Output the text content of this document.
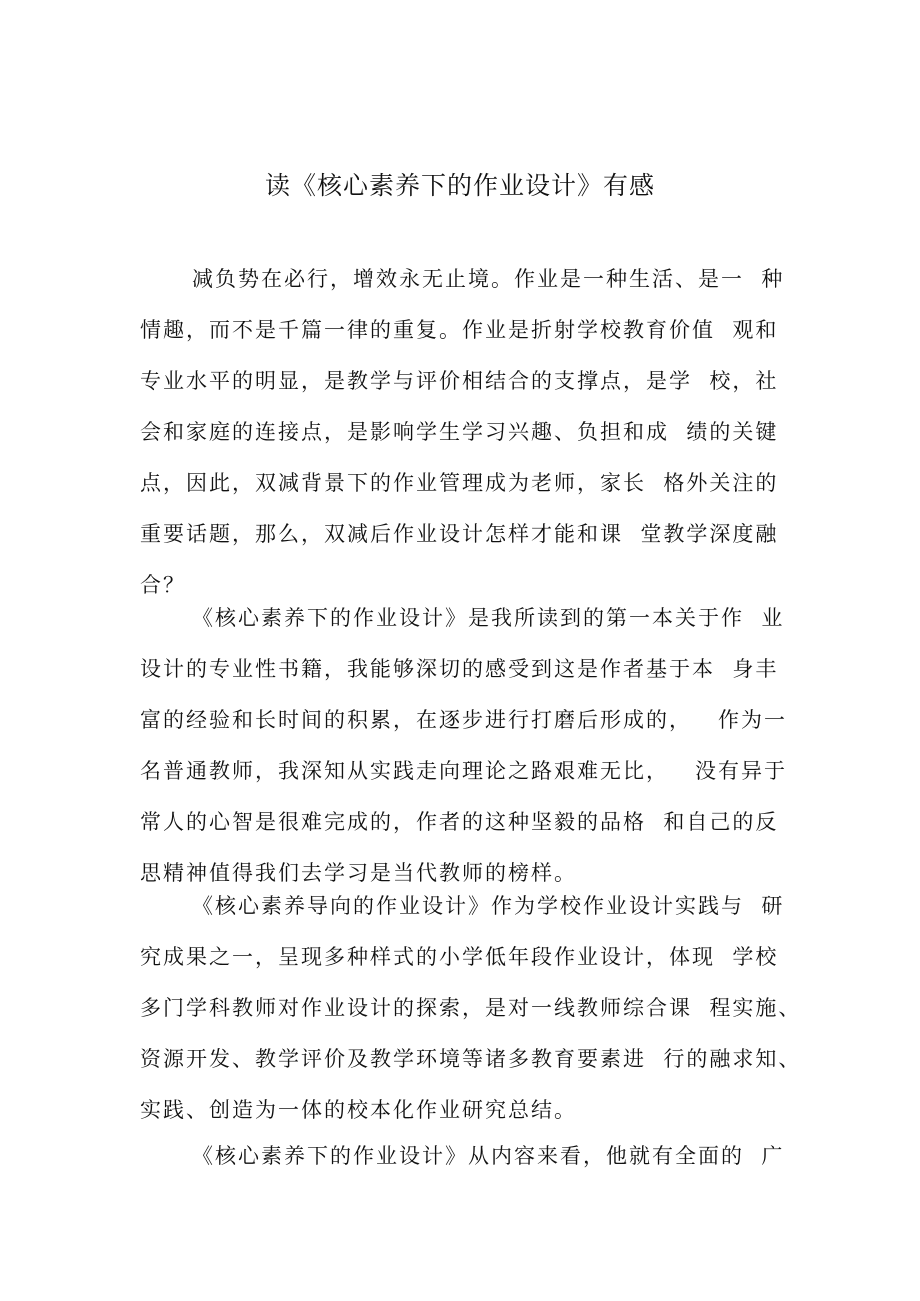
读《核心素养下的作业设计》有感
减负势在必行，增效永无止境。作业是一种生活、是一  种
情趣，而不是千篇一律的重复。作业是折射学校教育价值  观和
专业水平的明显，是教学与评价相结合的支撑点，是学  校，社
会和家庭的连接点，是影响学生学习兴趣、负担和成  绩的关键
点，因此，双减背景下的作业管理成为老师，家长  格外关注的
重要话题，那么，双减后作业设计怎样才能和课  堂教学深度融
合？
《核心素养下的作业设计》是我所读到的第一本关于作  业
设计的专业性书籍，我能够深切的感受到这是作者基于本  身丰
富的经验和长时间的积累，在逐步进行打磨后形成的，   作为一
名普通教师，我深知从实践走向理论之路艰难无比，   没有异于
常人的心智是很难完成的，作者的这种坚毅的品格  和自己的反
思精神值得我们去学习是当代教师的榜样。
《核心素养导向的作业设计》作为学校作业设计实践与  研
究成果之一，呈现多种样式的小学低年段作业设计，体现  学校
多门学科教师对作业设计的探索，是对一线教师综合课  程实施、
资源开发、教学评价及教学环境等诸多教育要素进  行的融求知、
实践、创造为一体的校本化作业研究总结。
《核心素养下的作业设计》从内容来看，他就有全面的  广
